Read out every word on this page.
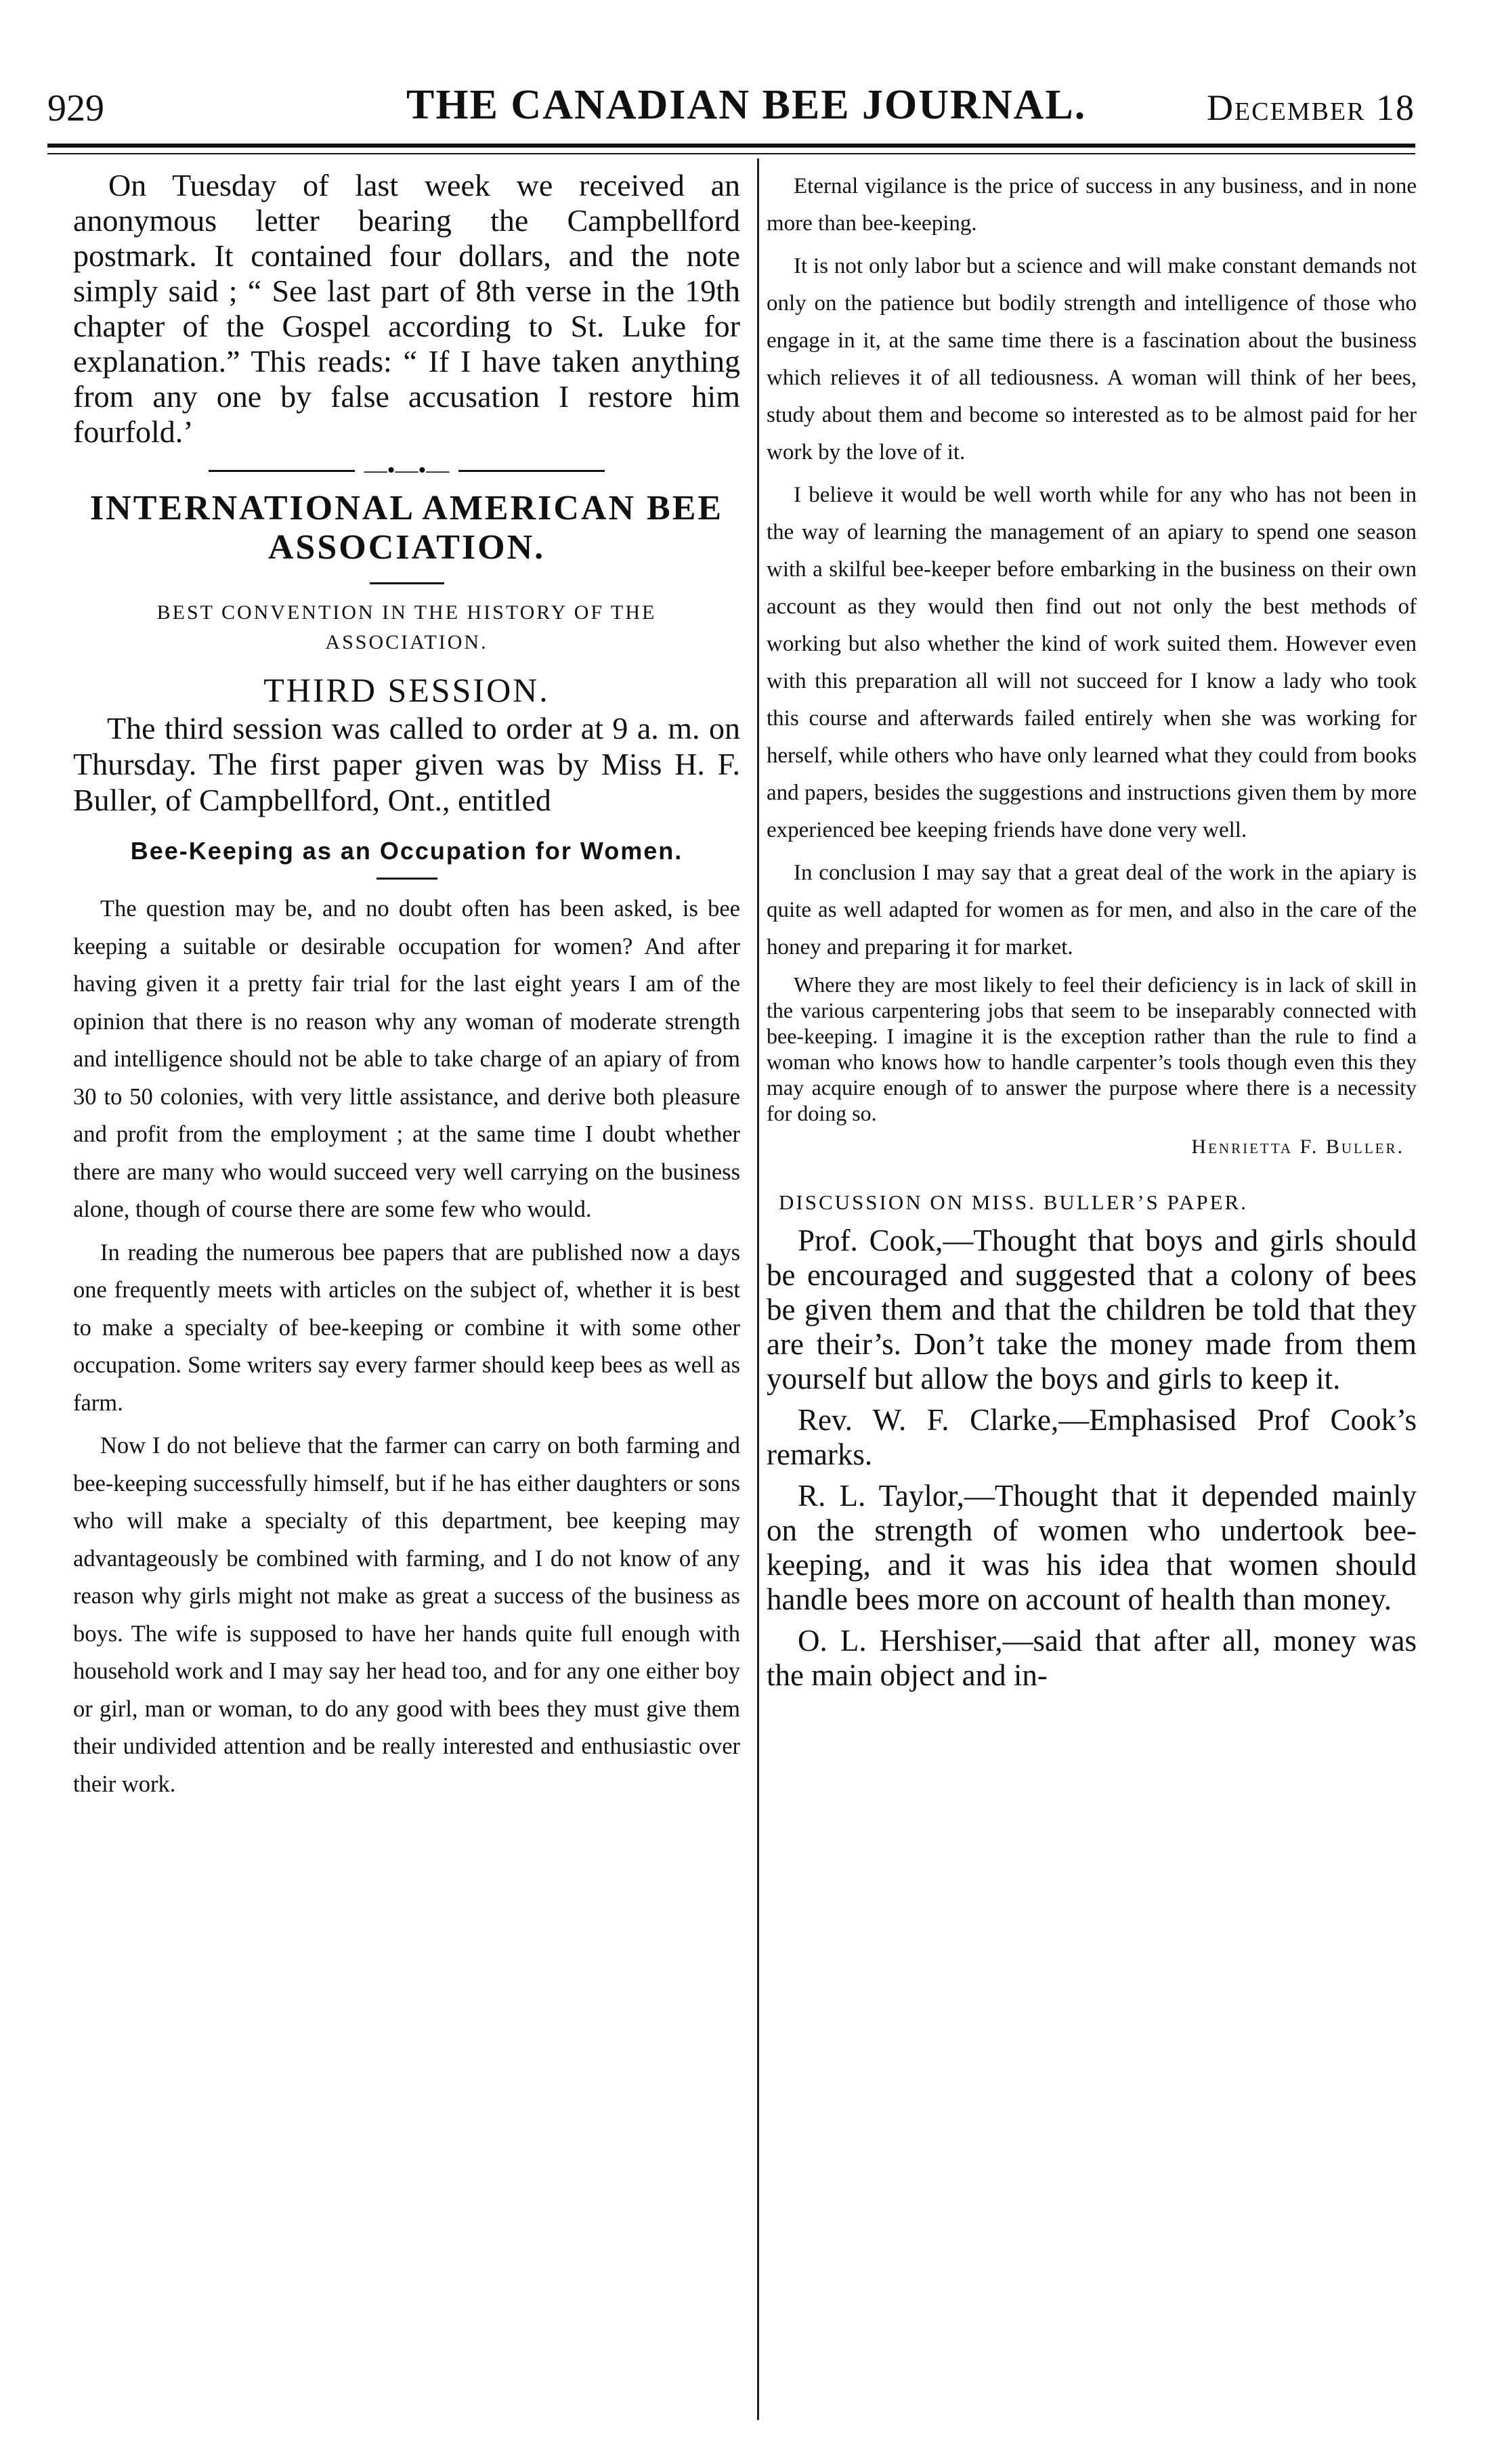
929	THE CANADIAN BEE JOURNAL.	December 18

On Tuesday of last week we received an anonymous letter bearing the Campbellford postmark. It contained four dollars, and the note simply said ; “ See last part of 8th verse in the 19th chapter of the Gospel according to St. Luke for explanation.” This reads: “ If I have taken anything from any one by false accusation I restore him fourfold.’

—•—•—
INTERNATIONAL AMERICAN BEE ASSOCIATION.
BEST CONVENTION IN THE HISTORY OF THE ASSOCIATION.
THIRD SESSION.

The third session was called to order at 9 a. m. on Thursday. The first paper given was by Miss H. F. Buller, of Campbellford, Ont., entitled

Bee-Keeping as an Occupation for Women.

The question may be, and no doubt often has been asked, is bee keeping a suitable or desirable occupation for women? And after having given it a pretty fair trial for the last eight years I am of the opinion that there is no reason why any woman of moderate strength and intelligence should not be able to take charge of an apiary of from 30 to 50 colonies, with very little assistance, and derive both pleasure and profit from the employment ; at the same time I doubt whether there are many who would succeed very well carrying on the business alone, though of course there are some few who would.

In reading the numerous bee papers that are published now a days one frequently meets with articles on the subject of, whether it is best to make a specialty of bee-keeping or combine it with some other occupation. Some writers say every farmer should keep bees as well as farm.

Now I do not believe that the farmer can carry on both farming and bee-keeping successfully himself, but if he has either daughters or sons who will make a specialty of this department, bee keeping may advantageously be combined with farming, and I do not know of any reason why girls might not make as great a success of the business as boys. The wife is supposed to have her hands quite full enough with household work and I may say her head too, and for any one either boy or girl, man or woman, to do any good with bees they must give them their undivided attention and be really interested and enthusiastic over their work.

Eternal vigilance is the price of success in any business, and in none more than bee-keeping.

It is not only labor but a science and will make constant demands not only on the patience but bodily strength and intelligence of those who engage in it, at the same time there is a fascination about the business which relieves it of all tediousness. A woman will think of her bees, study about them and become so interested as to be almost paid for her work by the love of it.

I believe it would be well worth while for any who has not been in the way of learning the management of an apiary to spend one season with a skilful bee-keeper before embarking in the business on their own account as they would then find out not only the best methods of working but also whether the kind of work suited them. However even with this preparation all will not succeed for I know a lady who took this course and afterwards failed entirely when she was working for herself, while others who have only learned what they could from books and papers, besides the suggestions and instructions given them by more experienced bee keeping friends have done very well.

In conclusion I may say that a great deal of the work in the apiary is quite as well adapted for women as for men, and also in the care of the honey and preparing it for market.

Where they are most likely to feel their deficiency is in lack of skill in the various carpentering jobs that seem to be inseparably connected with bee-keeping. I imagine it is the exception rather than the rule to find a woman who knows how to handle carpenter’s tools though even this they may acquire enough of to answer the purpose where there is a necessity for doing so.

Henrietta F. Buller.
DISCUSSION ON MISS. BULLER’S PAPER.

Prof. Cook,—Thought that boys and girls should be encouraged and suggested that a colony of bees be given them and that the children be told that they are their’s. Don’t take the money made from them yourself but allow the boys and girls to keep it.

Rev. W. F. Clarke,—Emphasised Prof Cook’s remarks.

R. L. Taylor,—Thought that it depended mainly on the strength of women who undertook bee-keeping, and it was his idea that women should handle bees more on account of health than money.

O. L. Hershiser,—said that after all, money was the main object and in-
